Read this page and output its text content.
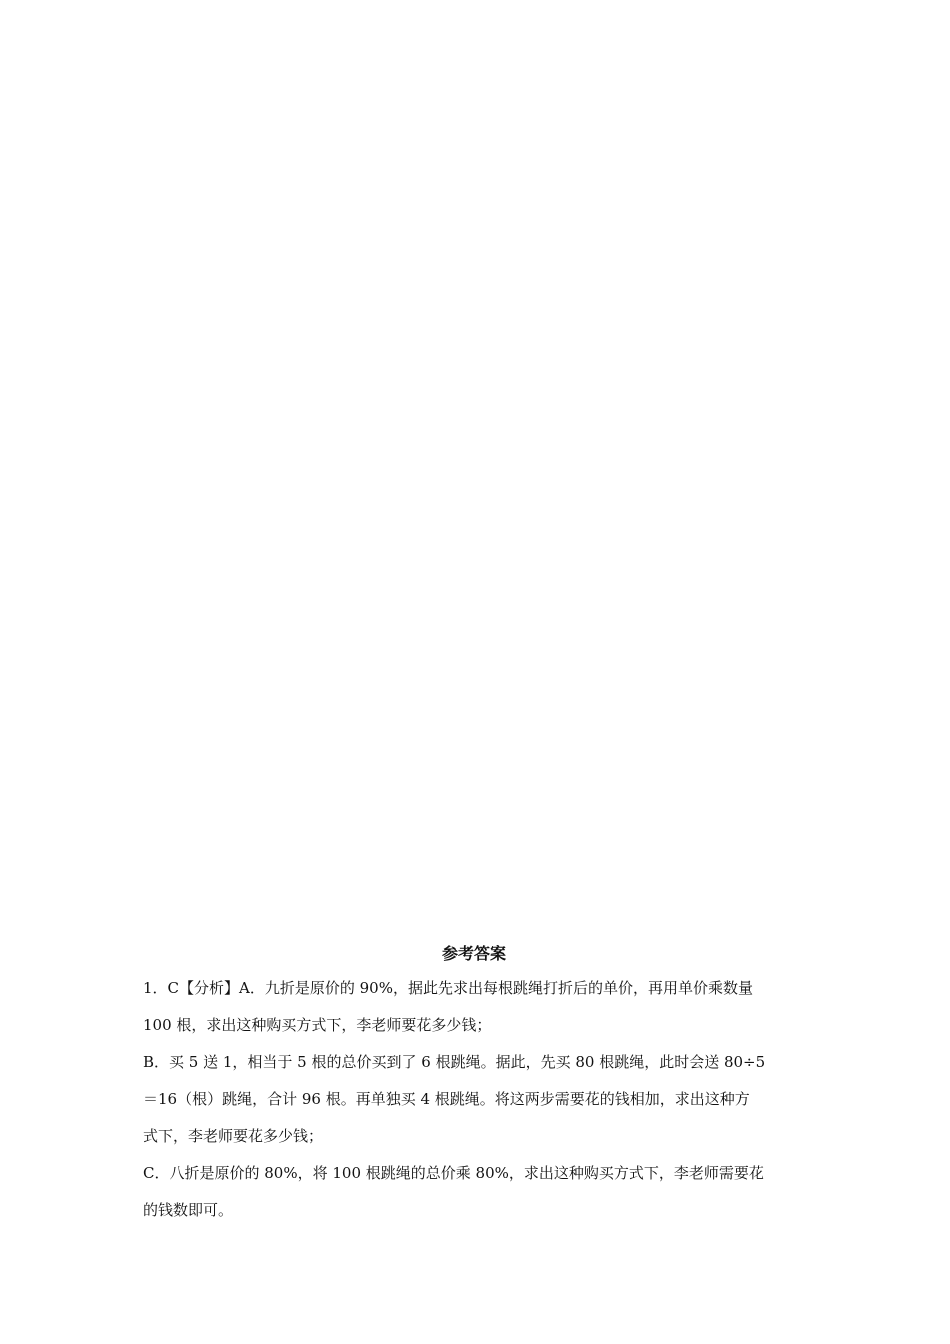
参考答案

1．C【分析】A．九折是原价的 90%，据此先求出每根跳绳打折后的单价，再用单价乘数量
100 根，求出这种购买方式下，李老师要花多少钱；

B．买 5 送 1，相当于 5 根的总价买到了 6 根跳绳。据此，先买 80 根跳绳，此时会送 80÷5
＝16（根）跳绳，合计 96 根。再单独买 4 根跳绳。将这两步需要花的钱相加，求出这种方
式下，李老师要花多少钱；

C．八折是原价的 80%，将 100 根跳绳的总价乘 80%，求出这种购买方式下，李老师需要花
的钱数即可。
